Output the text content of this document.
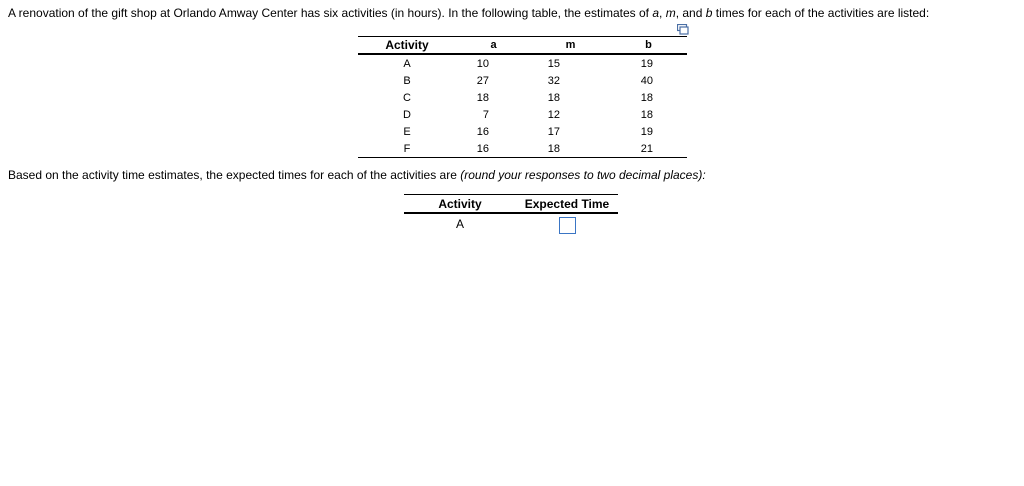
A renovation of the gift shop at Orlando Amway Center has six activities (in hours). In the following table, the estimates of a, m, and b times for each of the activities are listed:
Activity	a	m	b
A	10	15	19
B	27	32	40
C	18	18	18
D	7	12	18
E	16	17	19
F	16	18	21
Based on the activity time estimates, the expected times for each of the activities are (round your responses to two decimal places):
Activity	Expected Time
A	
